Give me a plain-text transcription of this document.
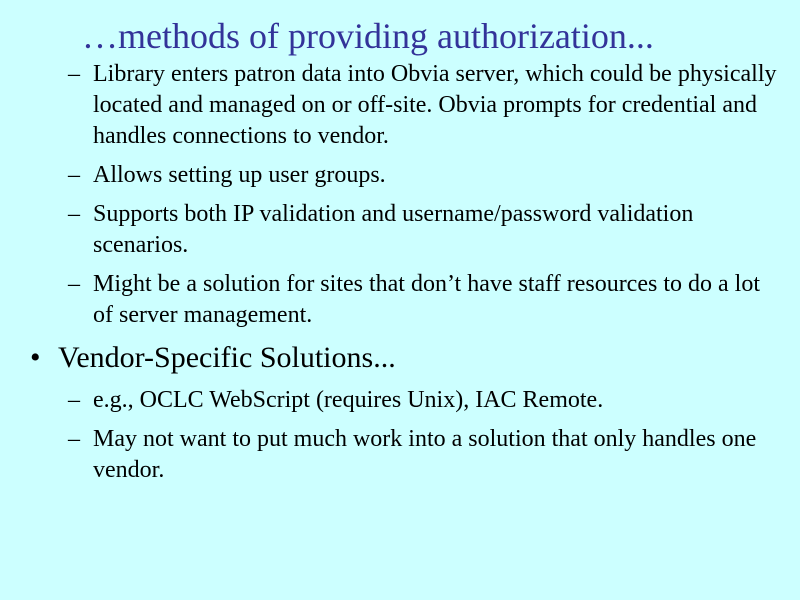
…methods of providing authorization...
– Library enters patron data into Obvia server, which could be physically located and managed on or off-site. Obvia prompts for credential and handles connections to vendor.
– Allows setting up user groups.
– Supports both IP validation and username/password validation scenarios.
– Might be a solution for sites that don’t have staff resources to do a lot of server management.
• Vendor-Specific Solutions...
– e.g., OCLC WebScript (requires Unix), IAC Remote.
– May not want to put much work into a solution that only handles one vendor.
